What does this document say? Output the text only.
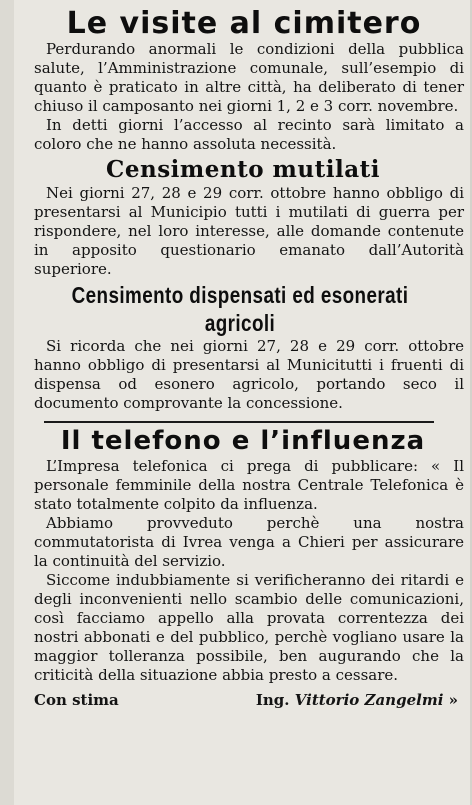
Le visite al cimitero

Perdurando anormali le condizioni della pubblica salute, l’Amministrazione comunale, sull’esempio di quanto è praticato in altre città, ha deliberato di tener chiuso il camposanto nei giorni 1, 2 e 3 corr. novembre.

In detti giorni l’accesso al recinto sarà limitato a coloro che ne hanno assoluta necessità.

Censimento mutilati

Nei giorni 27, 28 e 29 corr. ottobre hanno obbligo di presentarsi al Municipio tutti i mutilati di guerra per rispondere, nel loro interesse, alle domande contenute in apposito questionario emanato dall’Autorità superiore.

Censimento dispensati ed esonerati agricoli

Si ricorda che nei giorni 27, 28 e 29 corr. ottobre hanno obbligo di presentarsi al Municitutti i fruenti di dispensa od esonero agricolo, portando seco il documento comprovante la concessione.

Il telefono e l’influenza

L’Impresa telefonica ci prega di pubblicare: « Il personale femminile della nostra Centrale Telefonica è stato totalmente colpito da influenza.

Abbiamo provveduto perchè una nostra commutatorista di Ivrea venga a Chieri per assicurare la continuità del servizio.

Siccome indubbiamente si verificheranno dei ritardi e degli inconvenienti nello scambio delle comunicazioni, così facciamo appello alla provata correntezza dei nostri abbonati e del pubblico, perchè vogliano usare la maggior tolleranza possibile, ben augurando che la criticità della situazione abbia presto a cessare.

Con stima	Ing. Vittorio Zangelmi »
